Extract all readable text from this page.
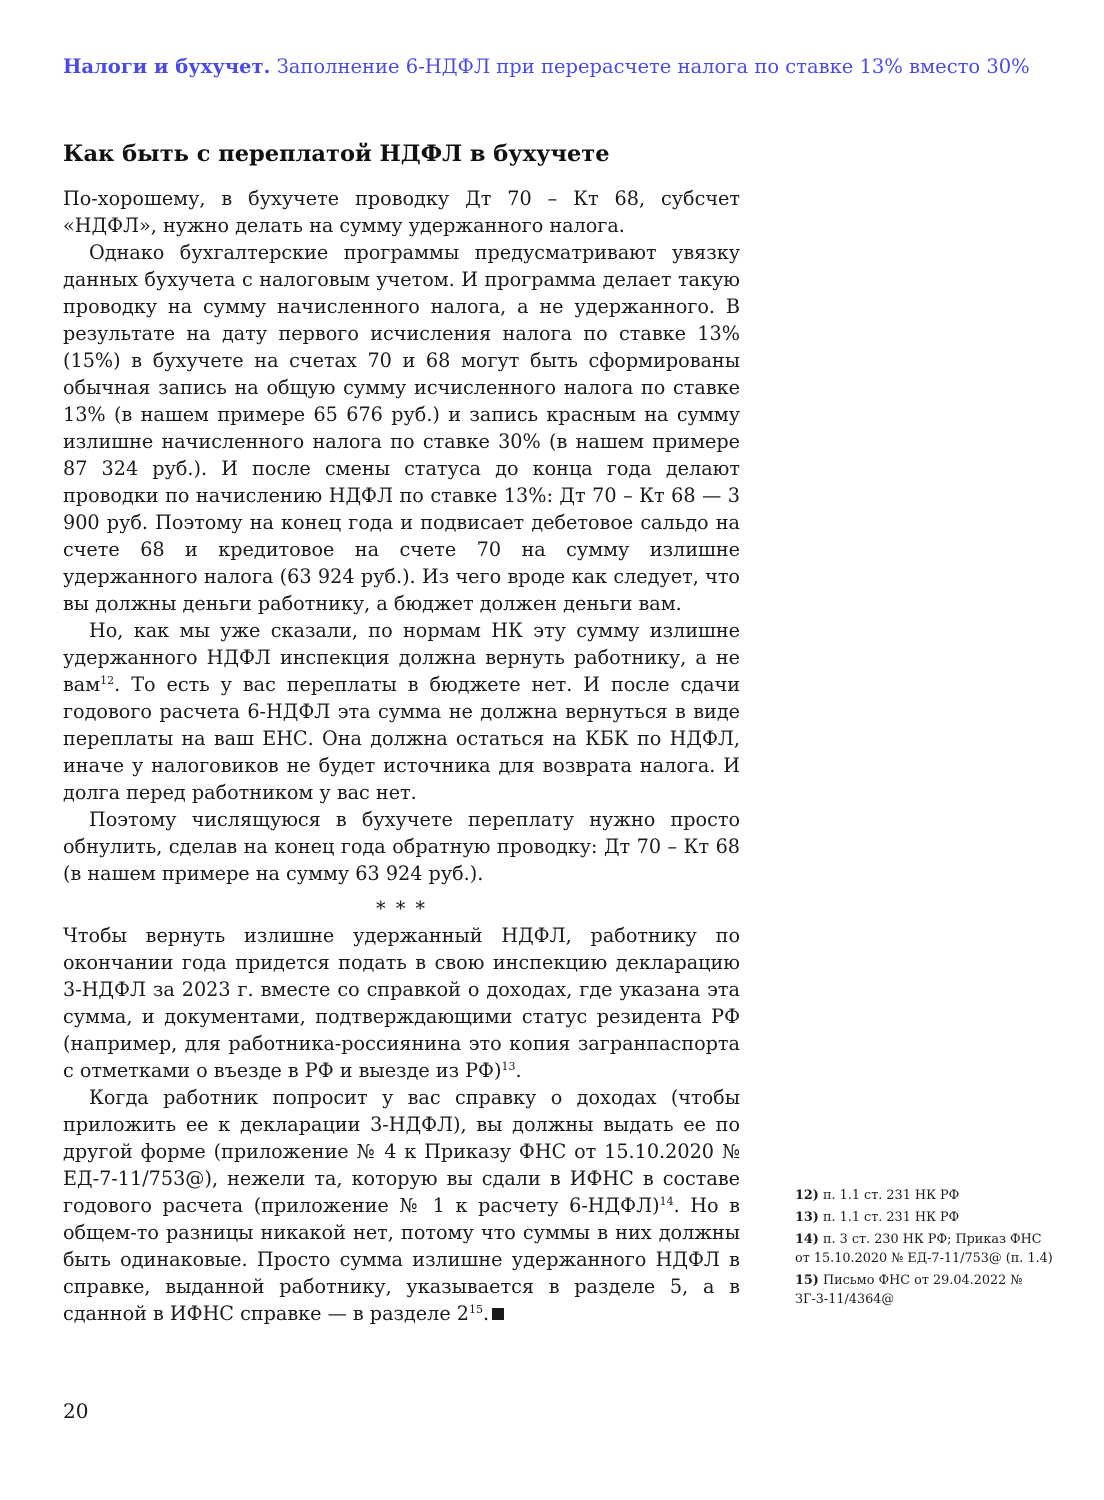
Налоги и бухучет. Заполнение 6-НДФЛ при перерасчете налога по ставке 13% вместо 30%
Как быть с переплатой НДФЛ в бухучете

По-хорошему, в бухучете проводку Дт 70 – Кт 68, субсчет «НДФЛ», нужно делать на сумму удержанного налога.

Однако бухгалтерские программы предусматривают увязку данных бухучета с налоговым учетом. И программа делает такую проводку на сумму начисленного налога, а не удержанного. В результате на дату первого исчисления налога по ставке 13% (15%) в бухучете на счетах 70 и 68 могут быть сформированы обычная запись на общую сумму исчисленного налога по ставке 13% (в нашем примере 65 676 руб.) и запись красным на сумму излишне начисленного налога по ставке 30% (в нашем примере 87 324 руб.). И после смены статуса до конца года делают проводки по начислению НДФЛ по ставке 13%: Дт 70 – Кт 68 — 3 900 руб. Поэтому на конец года и подвисает дебетовое сальдо на счете 68 и кредитовое на счете 70 на сумму излишне удержанного налога (63 924 руб.). Из чего вроде как следует, что вы должны деньги работнику, а бюджет должен деньги вам.

Но, как мы уже сказали, по нормам НК эту сумму излишне удержанного НДФЛ инспекция должна вернуть работнику, а не вам$^{12}$. То есть у вас переплаты в бюджете нет. И после сдачи годового расчета 6-НДФЛ эта сумма не должна вернуться в виде переплаты на ваш ЕНС. Она должна остаться на КБК по НДФЛ, иначе у налоговиков не будет источника для возврата налога. И долга перед работником у вас нет.

Поэтому числящуюся в бухучете переплату нужно просто обнулить, сделав на конец года обратную проводку: Дт 70 – Кт 68 (в нашем примере на сумму 63 924 руб.).

* * *

Чтобы вернуть излишне удержанный НДФЛ, работнику по окончании года придется подать в свою инспекцию декларацию 3-НДФЛ за 2023 г. вместе со справкой о доходах, где указана эта сумма, и документами, подтверждающими статус резидента РФ (например, для работника-россиянина это копия загранпаспорта с отметками о въезде в РФ и выезде из РФ)$^{13}$.

Когда работник попросит у вас справку о доходах (чтобы приложить ее к декларации 3-НДФЛ), вы должны выдать ее по другой форме (приложение № 4 к Приказу ФНС от 15.10.2020 № ЕД-7-11/753@), нежели та, которую вы сдали в ИФНС в составе годового расчета (приложение № 1 к расчету 6-НДФЛ)$^{14}$. Но в общем-то разницы никакой нет, потому что суммы в них должны быть одинаковые. Просто сумма излишне удержанного НДФЛ в справке, выданной работнику, указывается в разделе 5, а в сданной в ИФНС справке — в разделе $2^{15}$.

12) п. 1.1 ст. 231 НК РФ
13) п. 1.1 ст. 231 НК РФ
14) п. 3 ст. 230 НК РФ; Приказ ФНС от 15.10.2020 № ЕД-7-11/753@ (п. 1.4)
15) Письмо ФНС от 29.04.2022 № ЗГ-3-11/4364@
20
